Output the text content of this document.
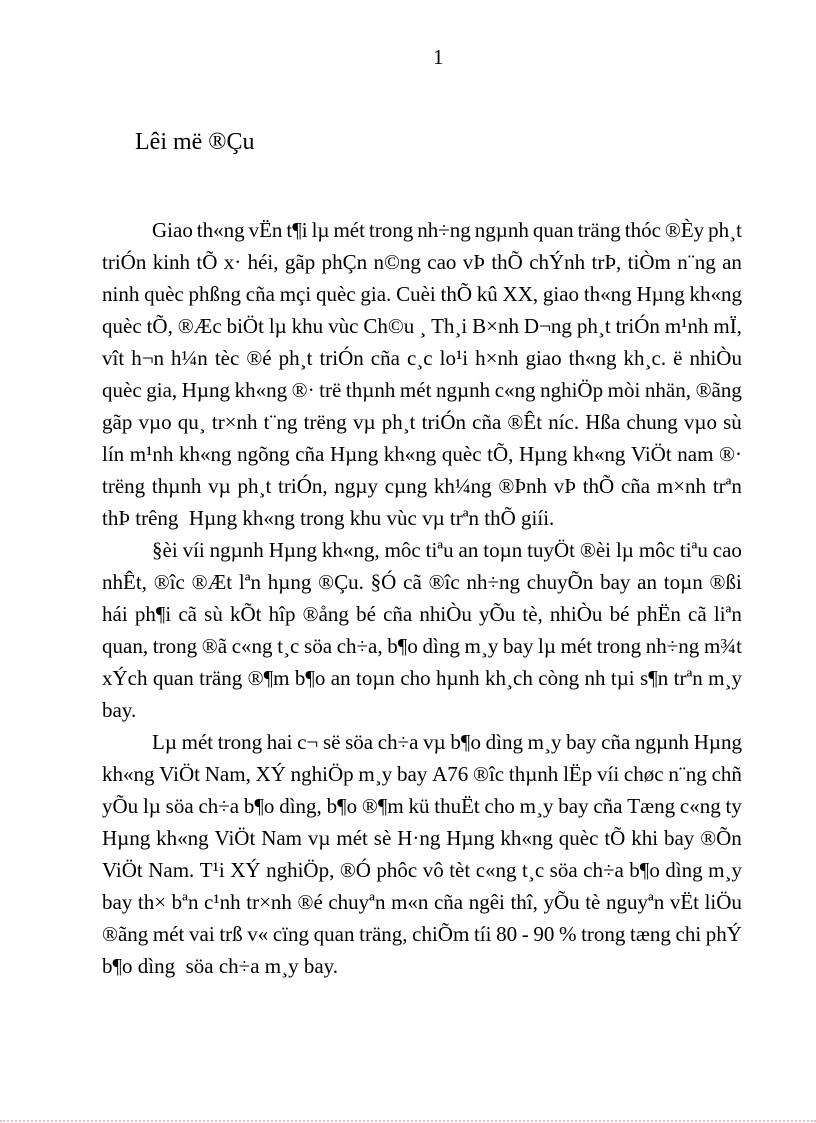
1
Lêi më ®Çu
Giao th«ng vËn t¶i lµ mét trong nh÷ng ngµnh quan träng thóc ®Èy ph¸t
triÓn kinh tÕ x· héi, gãp phÇn n©ng cao vÞ thÕ chÝnh trÞ, tiÒm n¨ng an
ninh quèc phßng cña mçi quèc gia. Cuèi thÕ kû XX, giao th«ng Hµng kh«ng
quèc tÕ, ®Æc biÖt lµ khu vùc Ch©u ¸ Th¸i B×nh D¬ng ph¸t triÓn m¹nh mÏ,
vît h¬n h¼n tèc ®é ph¸t triÓn cña c¸c lo¹i h×nh giao th«ng kh¸c. ë nhiÒu
quèc gia, Hµng kh«ng ®· trë thµnh mét ngµnh c«ng nghiÖp mòi nhän, ®ãng
gãp vµo qu¸ tr×nh t¨ng trëng vµ ph¸t triÓn cña ®Êt níc. Hßa chung vµo sù
lín m¹nh kh«ng ngõng cña Hµng kh«ng quèc tÕ, Hµng kh«ng ViÖt nam ®·
trëng thµnh vµ ph¸t triÓn, ngµy cµng kh¼ng ®Þnh vÞ thÕ cña m×nh trªn
thÞ trêng  Hµng kh«ng trong khu vùc vµ trªn thÕ giíi.
§èi víi ngµnh Hµng kh«ng, môc tiªu an toµn tuyÖt ®èi lµ môc tiªu cao
nhÊt, ®îc ®Æt lªn hµng ®Çu. §Ó cã ®îc nh÷ng chuyÕn bay an toµn ®ßi
hái ph¶i cã sù kÕt hîp ®ång bé cña nhiÒu yÕu tè, nhiÒu bé phËn cã liªn
quan, trong ®ã c«ng t¸c söa ch÷a, b¶o dìng m¸y bay lµ mét trong nh÷ng m¾t
xÝch quan träng ®¶m b¶o an toµn cho hµnh kh¸ch còng nh tµi s¶n trªn m¸y
bay.
Lµ mét trong hai c¬ së söa ch÷a vµ b¶o dìng m¸y bay cña ngµnh Hµng
kh«ng ViÖt Nam, XÝ nghiÖp m¸y bay A76 ®îc thµnh lËp víi chøc n¨ng chñ
yÕu lµ söa ch÷a b¶o dìng, b¶o ®¶m kü thuËt cho m¸y bay cña Tæng c«ng ty
Hµng kh«ng ViÖt Nam vµ mét sè H·ng Hµng kh«ng quèc tÕ khi bay ®Õn
ViÖt Nam. T¹i XÝ nghiÖp, ®Ó phôc vô tèt c«ng t¸c söa ch÷a b¶o dìng m¸y
bay th× bªn c¹nh tr×nh ®é chuyªn m«n cña ngêi thî, yÕu tè nguyªn vËt liÖu
®ãng mét vai trß v« cïng quan träng, chiÕm tíi 80 - 90 % trong tæng chi phÝ
b¶o dìng  söa ch÷a m¸y bay.
